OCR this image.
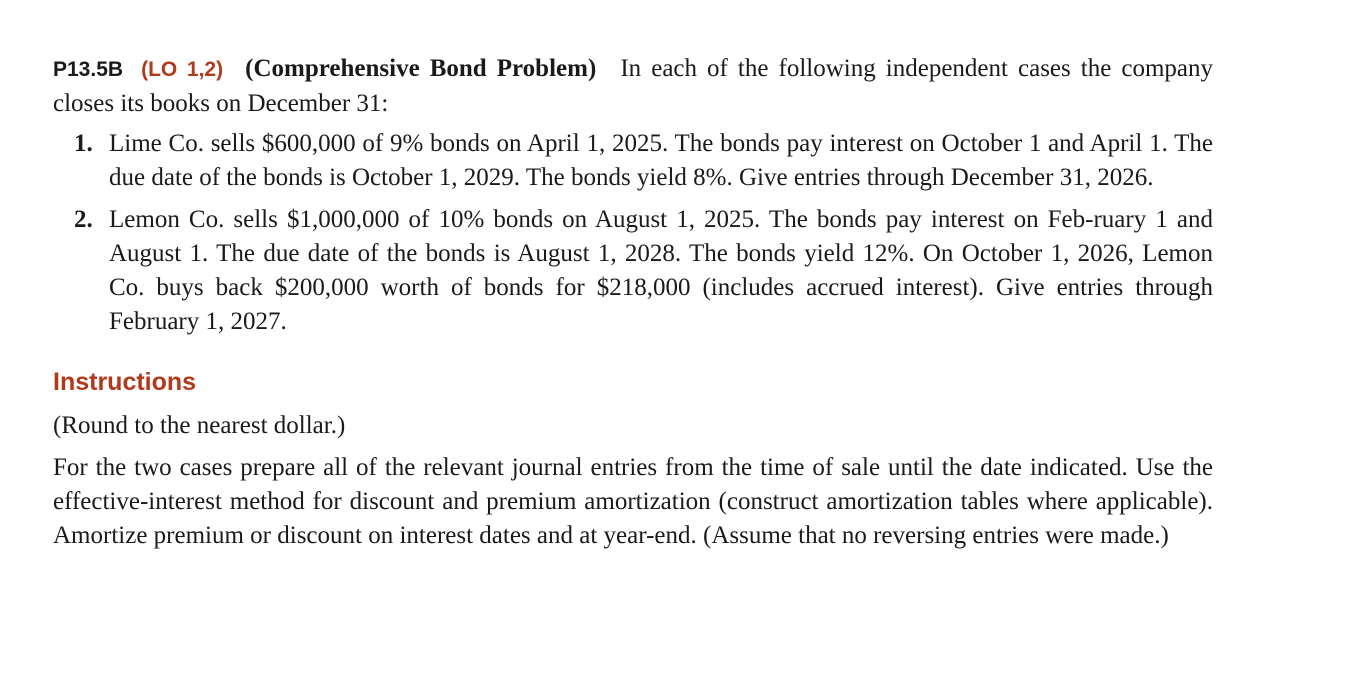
P13.5B (LO 1,2) (Comprehensive Bond Problem) In each of the following independent cases the company closes its books on December 31:
1. Lime Co. sells $600,000 of 9% bonds on April 1, 2025. The bonds pay interest on October 1 and April 1. The due date of the bonds is October 1, 2029. The bonds yield 8%. Give entries through December 31, 2026.
2. Lemon Co. sells $1,000,000 of 10% bonds on August 1, 2025. The bonds pay interest on Feb-ruary 1 and August 1. The due date of the bonds is August 1, 2028. The bonds yield 12%. On October 1, 2026, Lemon Co. buys back $200,000 worth of bonds for $218,000 (includes accrued interest). Give entries through February 1, 2027.
Instructions

(Round to the nearest dollar.)

For the two cases prepare all of the relevant journal entries from the time of sale until the date indicated. Use the effective-interest method for discount and premium amortization (construct amortization tables where applicable). Amortize premium or discount on interest dates and at year-end. (Assume that no reversing entries were made.)
